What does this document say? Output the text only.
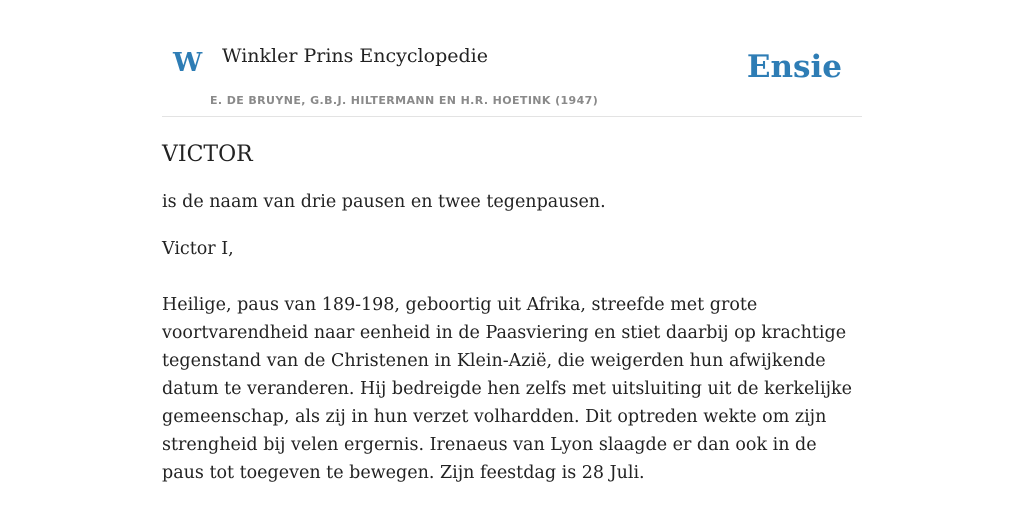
W Winkler Prins Encyclopedie
E. DE BRUYNE, G.B.J. HILTERMANN EN H.R. HOETINK (1947)
Ensie
VICTOR

is de naam van drie pausen en twee tegenpausen.

Victor I,

Heilige, paus van 189-198, geboortig uit Afrika, streefde met grote voortvarendheid naar eenheid in de Paasviering en stiet daarbij op krachtige tegenstand van de Christenen in Klein-Azië, die weigerden hun afwijkende datum te veranderen. Hij bedreigde hen zelfs met uitsluiting uit de kerkelijke gemeenschap, als zij in hun verzet volhardden. Dit optreden wekte om zijn strengheid bij velen ergernis. Irenaeus van Lyon slaagde er dan ook in de paus tot toegeven te bewegen. Zijn feestdag is 28 Juli.
